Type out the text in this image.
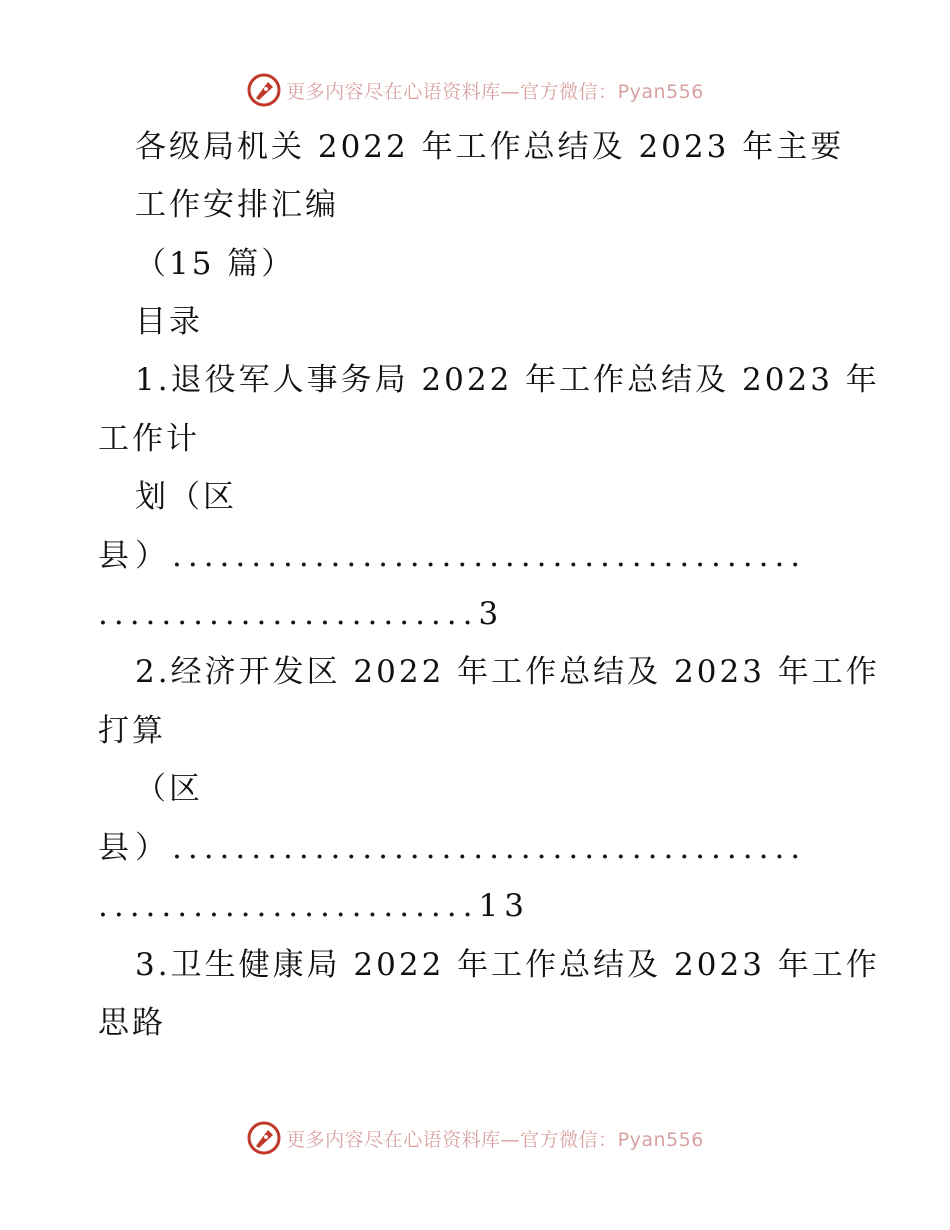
更多内容尽在心语资料库—官方微信：Pyan556
各级局机关 2022 年工作总结及 2023 年主要
工作安排汇编
（15 篇）
目录
1.退役军人事务局 2022 年工作总结及 2023 年
工作计
划（区
县）........................................
........................3
2.经济开发区 2022 年工作总结及 2023 年工作
打算
（区
县）........................................
........................13
3.卫生健康局 2022 年工作总结及 2023 年工作
思路
更多内容尽在心语资料库—官方微信：Pyan556
